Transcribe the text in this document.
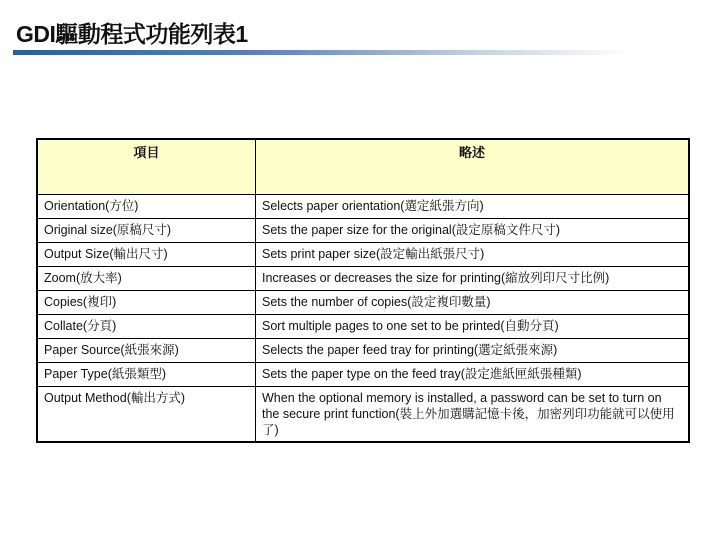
GDI驅動程式功能列表1
項目	略述
Orientation(方位)	Selects paper orientation(選定紙張方向)
Original size(原稿尺寸)	Sets the paper size for the original(設定原稿文件尺寸)
Output Size(輸出尺寸)	Sets print paper size(設定輸出紙張尺寸)
Zoom(放大率)	Increases or decreases the size for printing(縮放列印尺寸比例)
Copies(複印)	Sets the number of copies(設定複印數量)
Collate(分頁)	Sort multiple pages to one set to be printed(自動分頁)
Paper Source(紙張來源)	Selects the paper feed tray for printing(選定紙張來源)
Paper Type(紙張類型)	Sets the paper type on the feed tray(設定進紙匣紙張種類)
Output Method(輸出方式)	When the optional memory is installed, a password can be set to turn on the secure print function(裝上外加選購記憶卡後，加密列印功能就可以使用了)
